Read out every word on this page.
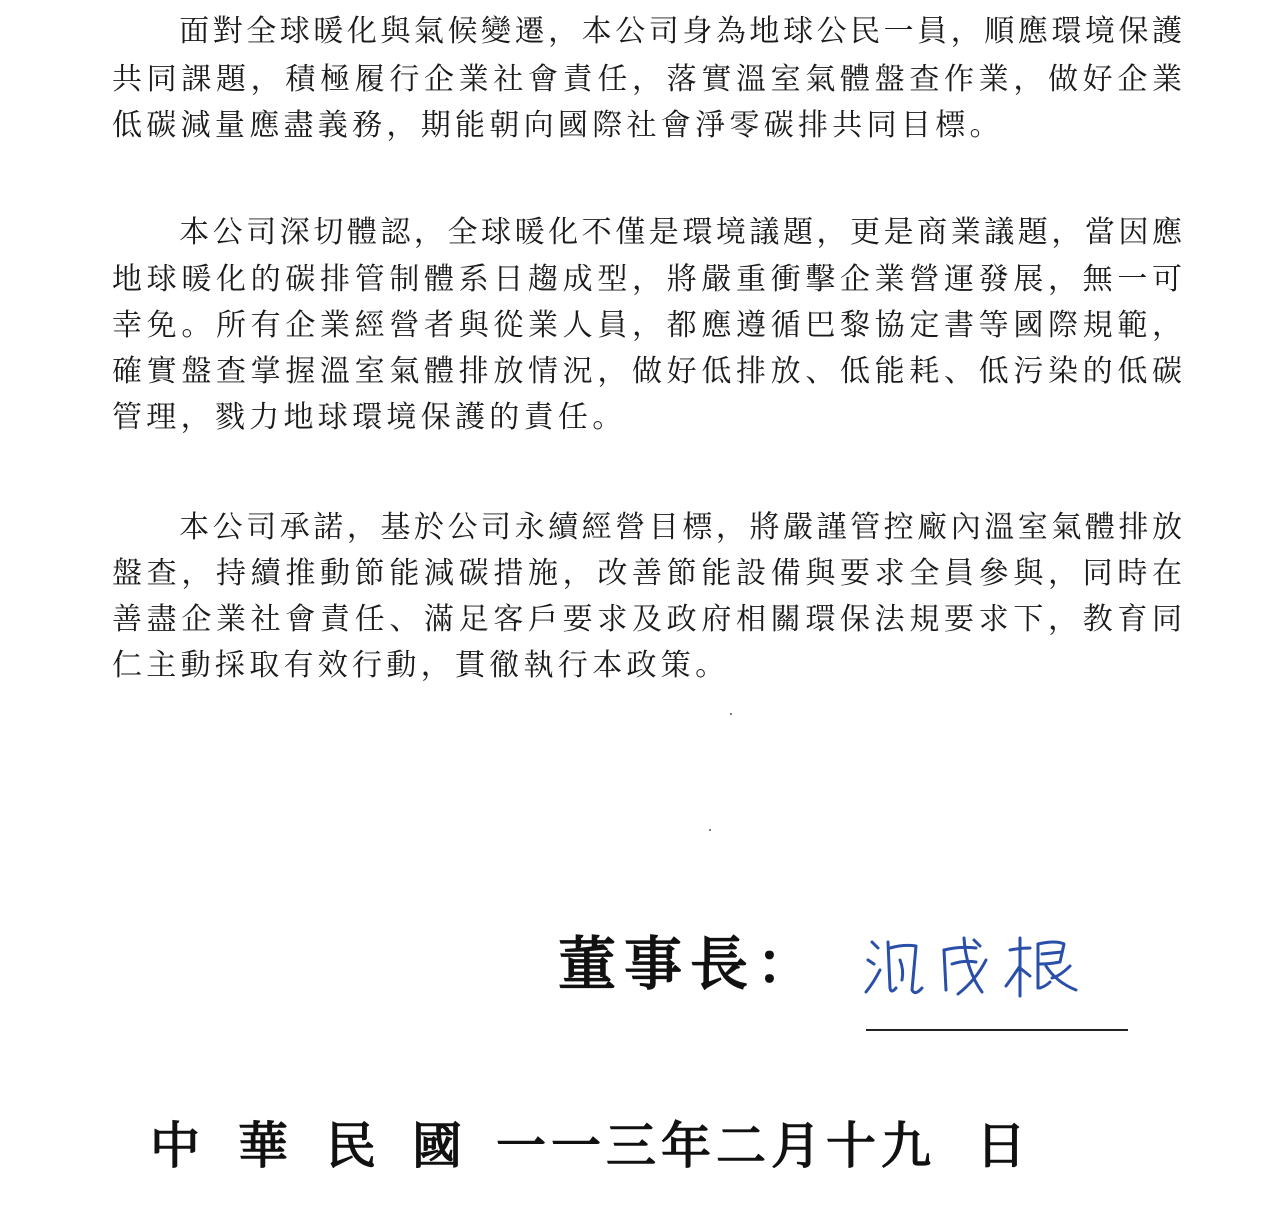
　　面對全球暖化與氣候變遷，本公司身為地球公民一員，順應環境保護
共同課題，積極履行企業社會責任，落實溫室氣體盤查作業，做好企業
低碳減量應盡義務，期能朝向國際社會淨零碳排共同目標。
　　本公司深切體認，全球暖化不僅是環境議題，更是商業議題，當因應
地球暖化的碳排管制體系日趨成型，將嚴重衝擊企業營運發展，無一可
幸免。所有企業經營者與從業人員，都應遵循巴黎協定書等國際規範，
確實盤查掌握溫室氣體排放情況，做好低排放、低能耗、低污染的低碳
管理，戮力地球環境保護的責任。
　　本公司承諾，基於公司永續經營目標，將嚴謹管控廠內溫室氣體排放
盤查，持續推動節能減碳措施，改善節能設備與要求全員參與，同時在
善盡企業社會責任、滿足客戶要求及政府相關環保法規要求下，教育同
仁主動採取有效行動，貫徹執行本政策。
董事長：
中 華 民 國 一一三年二月十九 日
